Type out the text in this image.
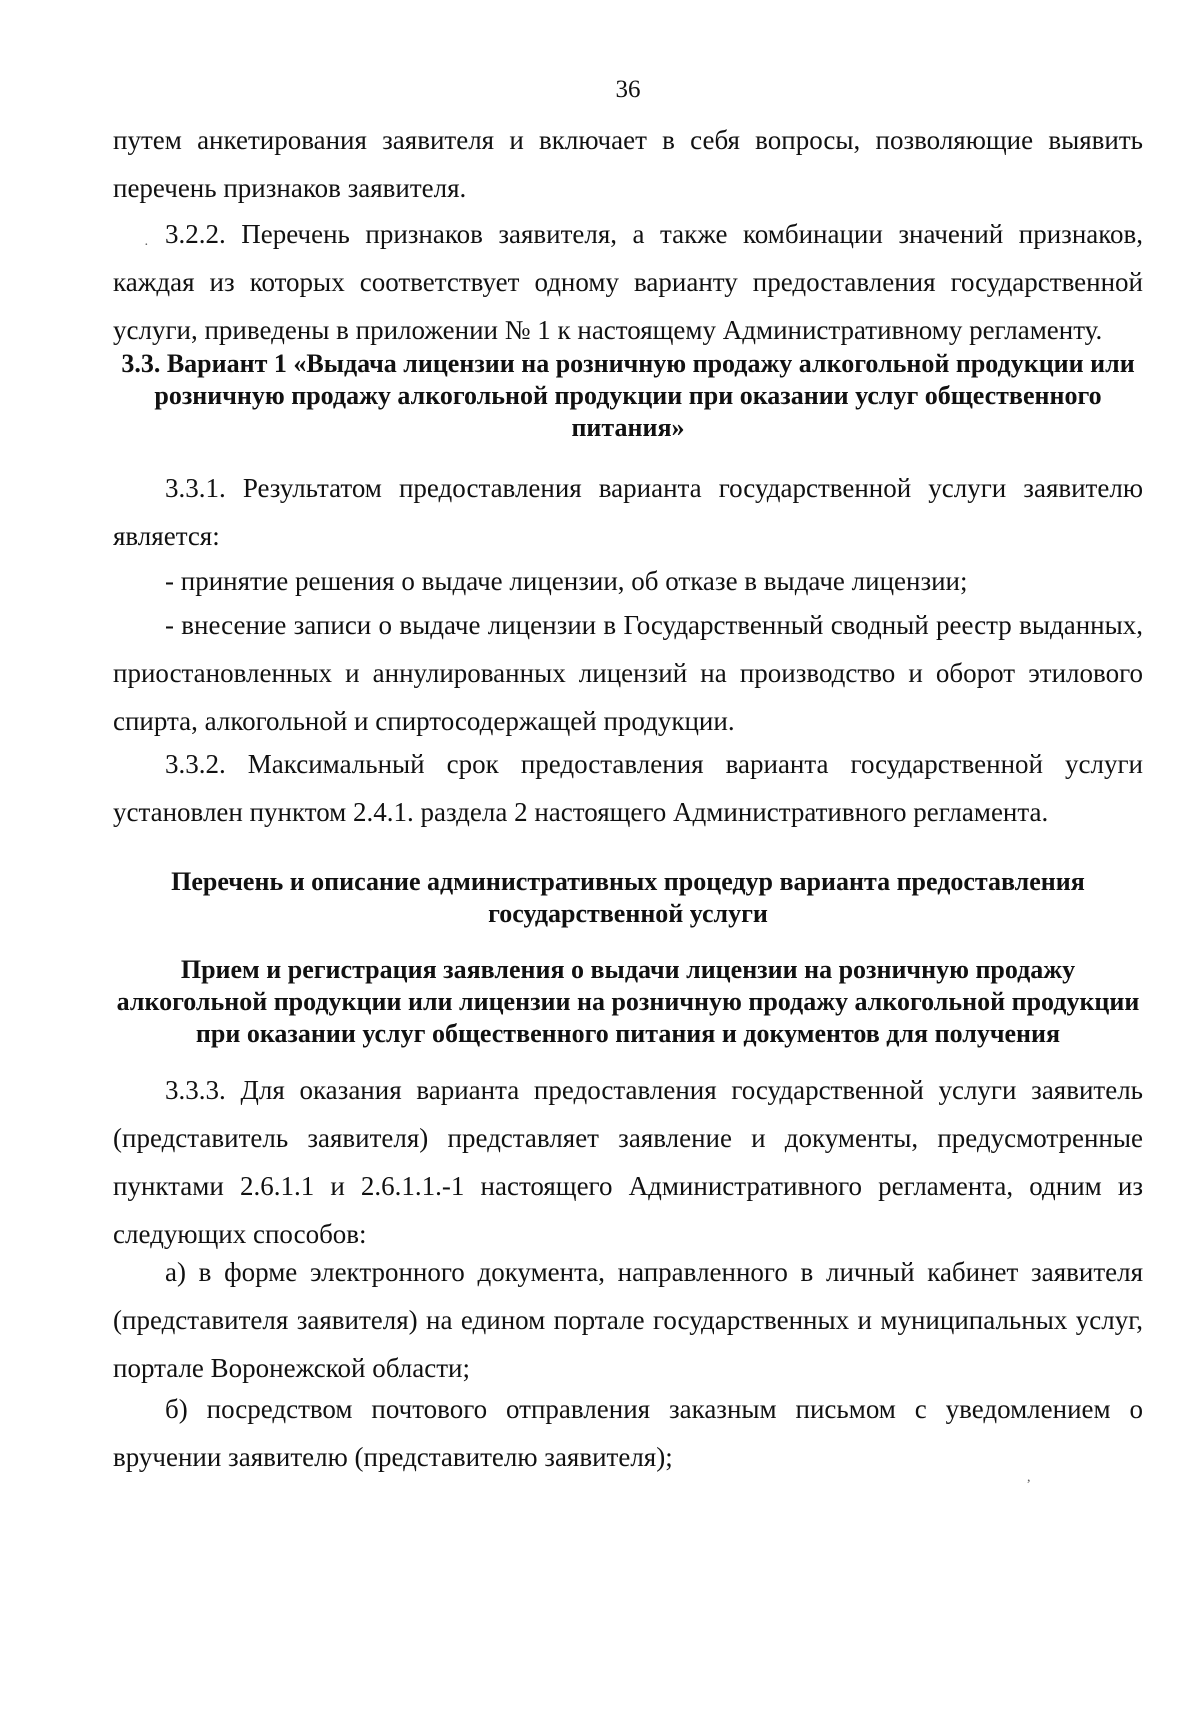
36

путем анкетирования заявителя и включает в себя вопросы, позволяющие выявить перечень признаков заявителя.

· 3.2.2. Перечень признаков заявителя, а также комбинации значений признаков, каждая из которых соответствует одному варианту предоставления государственной услуги, приведены в приложении № 1 к настоящему Административному регламенту.

3.3. Вариант 1 «Выдача лицензии на розничную продажу алкогольной продукции или розничную продажу алкогольной продукции при оказании услуг общественного питания»

3.3.1. Результатом предоставления варианта государственной услуги заявителю является:

- принятие решения о выдаче лицензии, об отказе в выдаче лицензии;

- внесение записи о выдаче лицензии в Государственный сводный реестр выданных, приостановленных и аннулированных лицензий на производство и оборот этилового спирта, алкогольной и спиртосодержащей продукции.

3.3.2. Максимальный срок предоставления варианта государственной услуги установлен пунктом 2.4.1. раздела 2 настоящего Административного регламента.

Перечень и описание административных процедур варианта предоставления государственной услуги
Прием и регистрация заявления о выдачи лицензии на розничную продажу алкогольной продукции или лицензии на розничную продажу алкогольной продукции при оказании услуг общественного питания и документов для получения

3.3.3. Для оказания варианта предоставления государственной услуги заявитель (представитель заявителя) представляет заявление и документы, предусмотренные пунктами 2.6.1.1 и 2.6.1.1.-1 настоящего Административного регламента, одним из следующих способов:

а) в форме электронного документа, направленного в личный кабинет заявителя (представителя заявителя) на едином портале государственных и муниципальных услуг, портале Воронежской области;

б) посредством почтового отправления заказным письмом с уведомлением о вручении заявителю (представителю заявителя);

,
